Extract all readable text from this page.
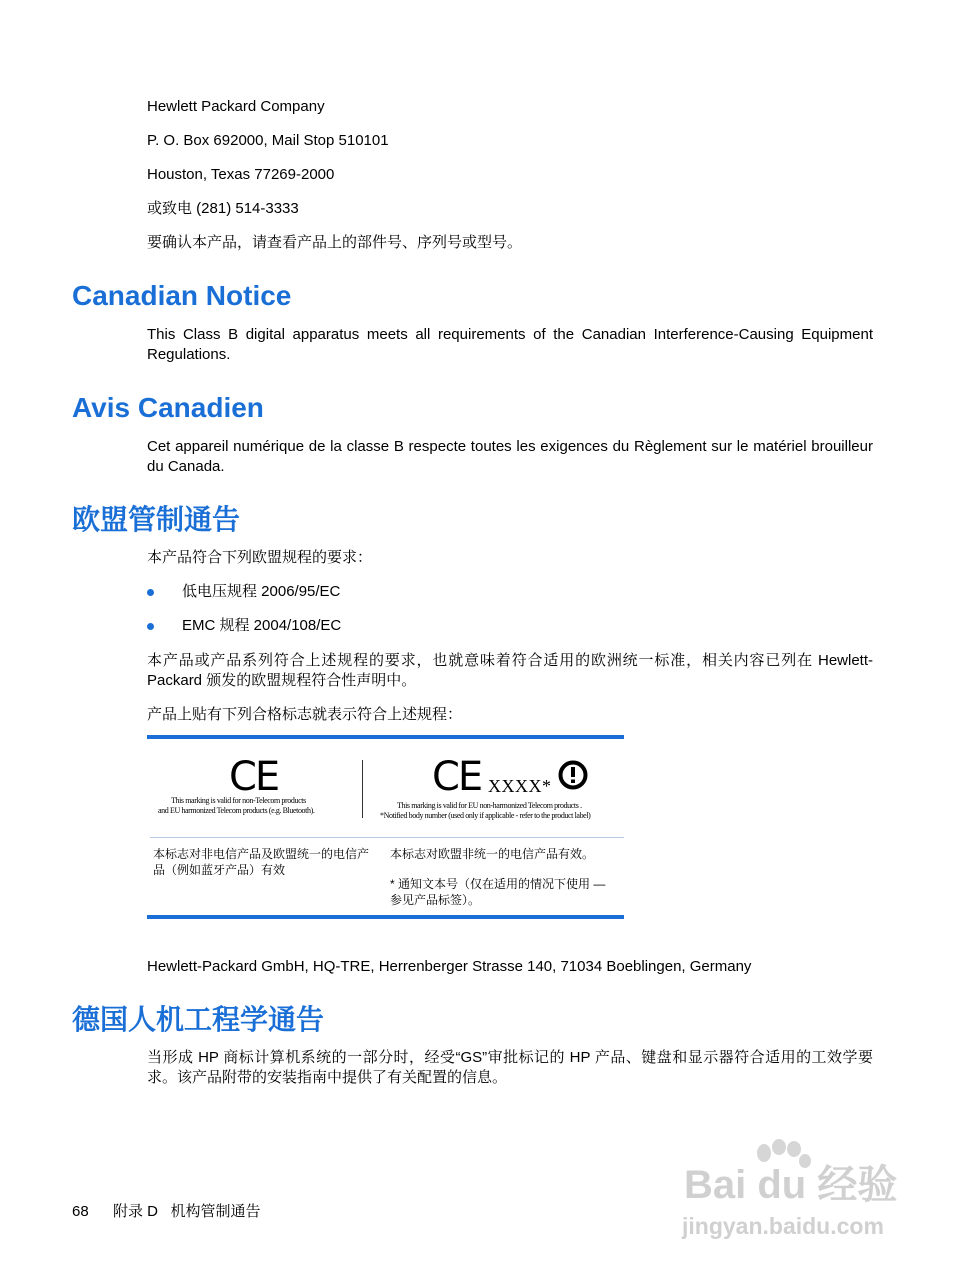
Hewlett Packard Company
P. O. Box 692000, Mail Stop 510101
Houston, Texas 77269-2000
或致电 (281) 514-3333
要确认本产品，请查看产品上的部件号、序列号或型号。
Canadian Notice
This Class B digital apparatus meets all requirements of the Canadian Interference-Causing Equipment Regulations.
Avis Canadien
Cet appareil numérique de la classe B respecte toutes les exigences du Règlement sur le matériel brouilleur du Canada.
欧盟管制通告
本产品符合下列欧盟规程的要求：
低电压规程 2006/95/EC
EMC 规程 2004/108/EC
本产品或产品系列符合上述规程的要求，也就意味着符合适用的欧洲统一标准，相关内容已列在 Hewlett-Packard 颁发的欧盟规程符合性声明中。
产品上贴有下列合格标志就表示符合上述规程：
CE
This marking is valid for non-Telecom products
and EU harmonized Telecom products (e.g. Bluetooth).
CE XXXX*
This marking is valid for EU non-harmonized Telecom products .
*Notified body number (used only if applicable - refer to the product label)
本标志对非电信产品及欧盟统一的电信产品（例如蓝牙产品）有效
本标志对欧盟非统一的电信产品有效。
* 通知文本号（仅在适用的情况下使用 — 参见产品标签）。
Hewlett-Packard GmbH, HQ-TRE, Herrenberger Strasse 140, 71034 Boeblingen, Germany
德国人机工程学通告
当形成 HP 商标计算机系统的一部分时，经受“GS”审批标记的 HP 产品、键盘和显示器符合适用的工效学要求。该产品附带的安装指南中提供了有关配置的信息。
Bai du 经验
jingyan.baidu.com
68 附录 D   机构管制通告
